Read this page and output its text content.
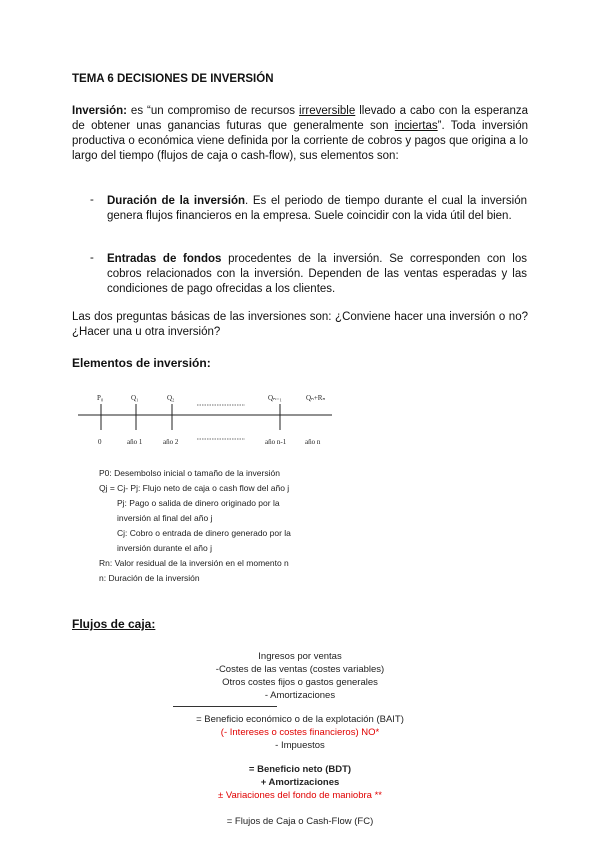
TEMA 6 DECISIONES DE INVERSIÓN
Inversión: es “un compromiso de recursos irreversible llevado a cabo con la esperanza de obtener unas ganancias futuras que generalmente son inciertas”. Toda inversión productiva o económica viene definida por la corriente de cobros y pagos que origina a lo largo del tiempo (flujos de caja o cash-flow), sus elementos son:
- Duración de la inversión. Es el periodo de tiempo durante el cual la inversión genera flujos financieros en la empresa. Suele coincidir con la vida útil del bien.
- Entradas de fondos procedentes de la inversión. Se corresponden con los cobros relacionados con la inversión. Dependen de las ventas esperadas y las condiciones de pago ofrecidas a los clientes.
Las dos preguntas básicas de las inversiones son: ¿Conviene hacer una inversión o no? ¿Hacer una u otra inversión?
Elementos de inversión:
P₀	Q₁	Q₂	Qₙ₋₁	Qₙ+Rₙ
0	año 1	año 2	año n-1	año n
P0: Desembolso inicial o tamaño de la inversión
Qj = Cj- Pj: Flujo neto de caja o cash flow del año j
Pj: Pago o salida de dinero originado por la
inversión al final del año j
Cj: Cobro o entrada de dinero generado por la
inversión durante el año j
Rn: Valor residual de la inversión en el momento n
n: Duración de la inversión
Flujos de caja:
Ingresos por ventas
-Costes de las ventas (costes variables)
Otros costes fijos o gastos generales
- Amortizaciones
= Beneficio económico o de la explotación (BAIT)
(- Intereses o costes financieros) NO*
- Impuestos
= Beneficio neto (BDT)
+ Amortizaciones
± Variaciones del fondo de maniobra **
= Flujos de Caja o Cash-Flow (FC)
